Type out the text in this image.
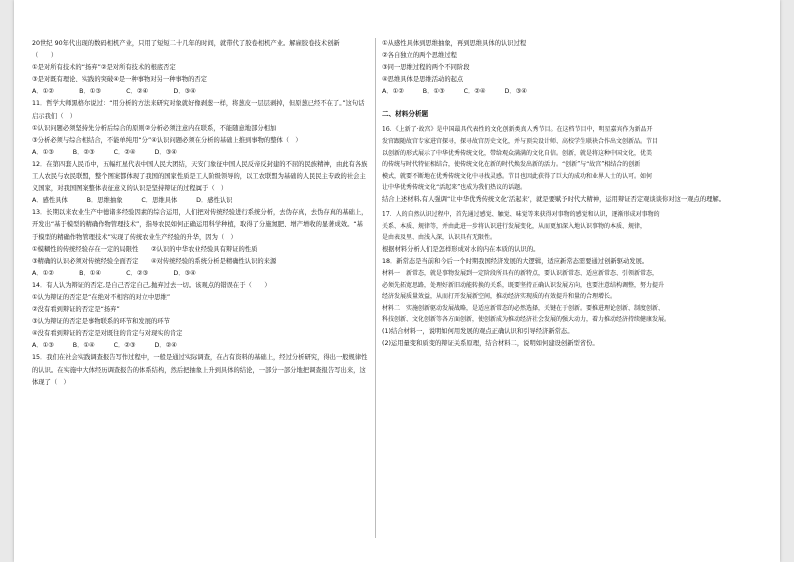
20世纪 90年代出现的数码相机产业，只用了短短二十几年的时间，就带代了胶卷相机产业。解雇胶卷技术创新
（　　）
①是对所有技术的“扬弃”②是对所有技术的根底否定
③是对既有理论、实践的突破④是一种事物对另一种事物的否定
A．①②　　　　B．①③　　　　C．②④　　　　D．③④
11．哲学大师黑格尔说过：“用分析的方法来研究对象就好像剥葱一样，将葱皮一层层剥掉，但原葱已经不在了。”这句话启示我们（　）
①认识问题必须坚持先分析后综合的原则②分析必须注意内在联系，不能随意地部分相加
③分析必须与综合相结合，不能单纯用“分”④认识问题必须在分析的基础上推到事物的整体（　）
A．①③　　　B．②③　　　C．②④　　　D．③④
12．在第四套人民币中，五幅红星代表中国人民大团结，天安门象征中国人民反帝反封建的不屈的民族精神，由此有各族工人农民与农民联盟，整个图案都体现了我国的国家性质是工人阶级领导的，以工农联盟为基础的人民民主专政的社会主义国家，对我国图案整体表征意义的认识是坚持辩证的过程属于（　）
A．感性具体　　　B．思维抽象　　　C．思维具体　　　D．感性认识
13．长期以来农业生产中德诸多经验因素的综合运用，人们把对传统经验进行系统分析，去伪存真，去伪存真的基础上，开发出“基于模型的精确作物管理技术”，指导农民如何正确运用科学种植，取得了分施氮肥、增产增收的显著成效。“基于模型的精确作物管理技术”实现了传统农业生产经验的升华，因为（　）
①模糊性的传统经验存在一定的局限性　　②认识的中华农业经验具有辩证的性质
③精确的认识必须对传统经验全面否定　　④对传统经验的系统分析是精确性认识的来源
A．①②　　　　B．①④　　　　C．②③　　　　D．③④
14．有人认为辩证的否定,是自己否定自己,抛弃过去一切。该观点的错误在于（　　）
①认为辩证的否定是“在绝对不相容的对立中思维”
②没有看到辩证的否定是“扬弃”
③认为辩证的否定是事物联系的环节和发展的环节
④没有看到辩证的否定是对既往的肯定与对现实的肯定
A．①③　　　B．①④　　　C．②③　　　D．②④
15．我们在社会实践调查报告写作过程中，一般是通过实际调查，在占有资料的基础上，经过分析研究，得出一般规律性的认识。在实施中大体经历调查报告的体系结构，然后把抽象上升到具体的结论，一部分一部分地把调查报告写出来，这体现了（　）
①从感性具体到思维抽象，再到思维具体的认识过程
②各自独立的两个思维过程
③同一思维过程的两个不同阶段
④思维具体是思维活动的起点
A．①②　　　B．①③　　　C．②④　　　D．③④
二、材料分析题
16．《上新了·故宫》是中国最具代表性的文化创新类真人秀节目。在这档节目中，明星嘉宾作为新品开
发官跟随故宫专家进宫探寻，探寻故宫历史文化，并与顶尖设计师、高校学生联袂合作出文创新品。节目
以创新的形式展示了中华优秀传统文化，带给观众满满的文化自信。创新，就是将这种中国文化，优美
的传统与时代特征相结合，使传统文化在新的时代焕发出新的活力。“创新”与“故宫”相结合的创新
模式，就要不断地在优秀传统文化中寻找灵感。节目也因此获得了巨大的成功和业界人士的认可。如何
让中华优秀传统文化“活起来”也成为我们热议的话题。
结合上述材料,有人强调“让中华优秀传统文化‘活起来’，就是要赋予时代大精神，运用辩证否定观谈谈你对这一观点的理解。
17．人的自然认识过程中，首先通过感觉、触觉、味觉等来获得对事物的感觉和认识，逐渐形成对事物的
关系、本质、规律等，并由此进一步将认识进行发展变化，从而更加深入地认识事物的本质、规律，
是由表及里、由浅入深，认识具有无限性。
根据材料分析人们是怎样形成对水的内在本质的认识的。
18．新常态是当前和今后一个时期我国经济发展的大逻辑，适应新常态需要通过创新驱动发展。
材料一　新常态，就是事物发展到一定阶段所具有的新特点，要认识新常态、适应新常态、引领新常态，
必须先拓宽思路，处理好新旧动能转换的关系，既要坚持正确认识发展方向，也要注意结构调整，努力提升
经济发展质量效益，从而打开发展新空间，推动经济实现质的有效提升和量的合理增长。
材料二　实施创新驱动发展战略，是适应新常态的必然选择，关键在于创新。要推进理论创新、制度创新、
科技创新、文化创新等各方面创新，使创新成为推动经济社会发展的强大动力，着力推动经济持续健康发展。
(1)结合材料一，说明如何用发展的观点正确认识和引导经济新常态。
(2)运用量变和质变的辩证关系原理，结合材料二，说明如何建设创新型省份。
